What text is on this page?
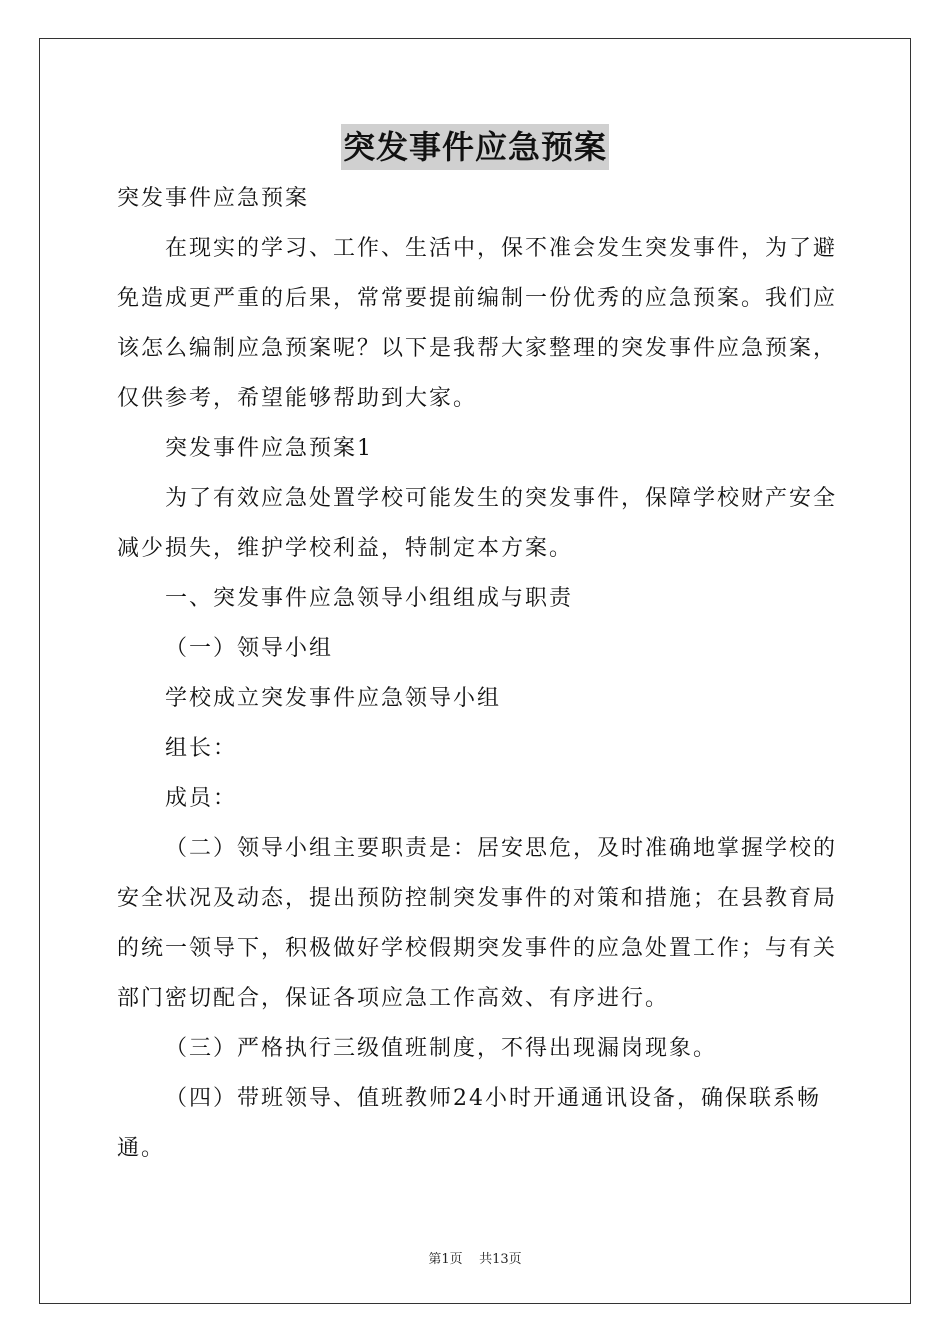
突发事件应急预案
突发事件应急预案
在现实的学习、工作、生活中，保不准会发生突发事件，为了避
免造成更严重的后果，常常要提前编制一份优秀的应急预案。我们应
该怎么编制应急预案呢？以下是我帮大家整理的突发事件应急预案，
仅供参考，希望能够帮助到大家。
突发事件应急预案1
为了有效应急处置学校可能发生的突发事件，保障学校财产安全
减少损失，维护学校利益，特制定本方案。
一、突发事件应急领导小组组成与职责
（一）领导小组
学校成立突发事件应急领导小组
组长：
成员：
（二）领导小组主要职责是：居安思危，及时准确地掌握学校的
安全状况及动态，提出预防控制突发事件的对策和措施；在县教育局
的统一领导下，积极做好学校假期突发事件的应急处置工作；与有关
部门密切配合，保证各项应急工作高效、有序进行。
（三）严格执行三级值班制度，不得出现漏岗现象。
（四）带班领导、值班教师24小时开通通讯设备，确保联系畅
通。
第1页    共13页
